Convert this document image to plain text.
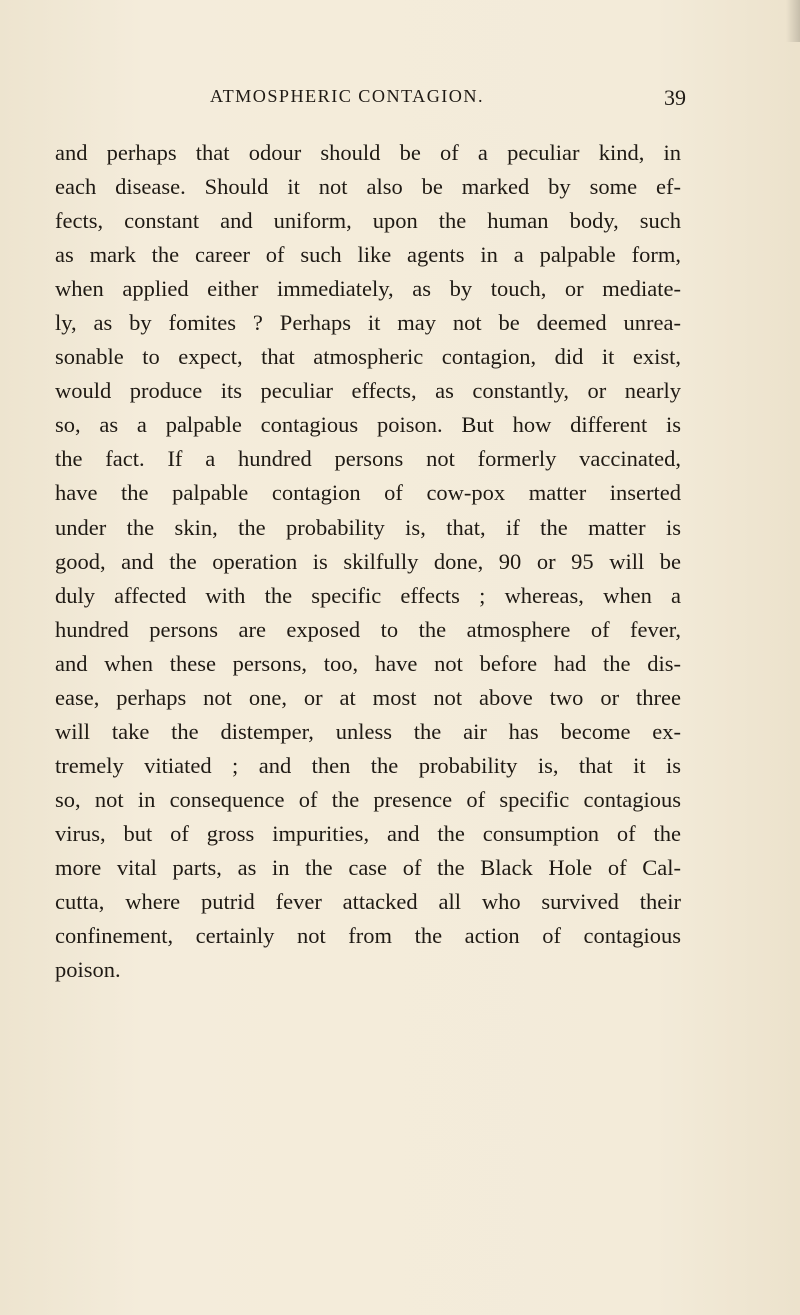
ATMOSPHERIC CONTAGION.	39
and perhaps that odour should be of a peculiar kind, in
each disease. Should it not also be marked by some ef-
fects, constant and uniform, upon the human body, such
as mark the career of such like agents in a palpable form,
when applied either immediately, as by touch, or mediate-
ly, as by fomites ? Perhaps it may not be deemed unrea-
sonable to expect, that atmospheric contagion, did it exist,
would produce its peculiar effects, as constantly, or nearly
so, as a palpable contagious poison. But how different is
the fact. If a hundred persons not formerly vaccinated,
have the palpable contagion of cow-pox matter inserted
under the skin, the probability is, that, if the matter is
good, and the operation is skilfully done, 90 or 95 will be
duly affected with the specific effects ; whereas, when a
hundred persons are exposed to the atmosphere of fever,
and when these persons, too, have not before had the dis-
ease, perhaps not one, or at most not above two or three
will take the distemper, unless the air has become ex-
tremely vitiated ; and then the probability is, that it is
so, not in consequence of the presence of specific contagious
virus, but of gross impurities, and the consumption of the
more vital parts, as in the case of the Black Hole of Cal-
cutta, where putrid fever attacked all who survived their
confinement, certainly not from the action of contagious
poison.
